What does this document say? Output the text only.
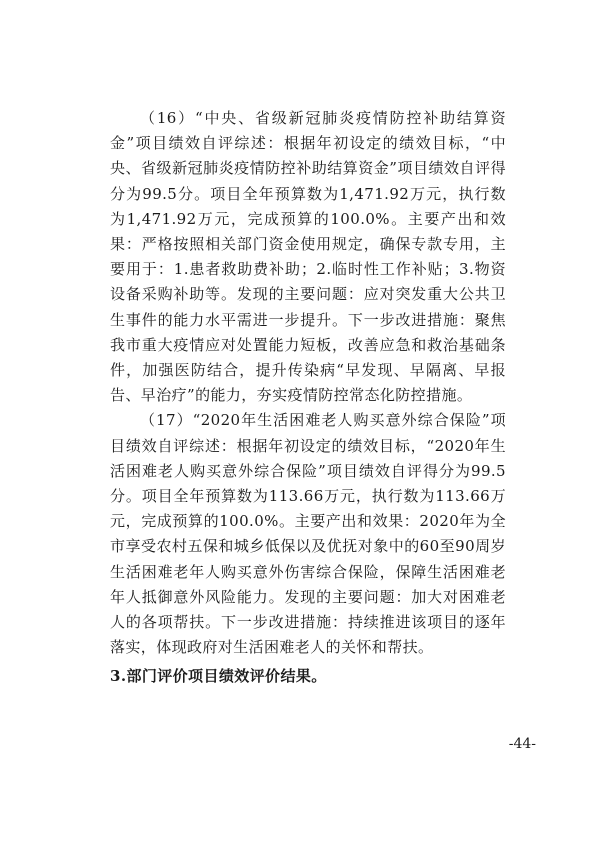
（16）“中央、省级新冠肺炎疫情防控补助结算资金”项目绩效自评综述：根据年初设定的绩效目标，“中央、省级新冠肺炎疫情防控补助结算资金”项目绩效自评得分为99.5分。项目全年预算数为1,471.92万元，执行数为1,471.92万元，完成预算的100.0%。主要产出和效果：严格按照相关部门资金使用规定，确保专款专用，主要用于：1.患者救助费补助；2.临时性工作补贴；3.物资设备采购补助等。发现的主要问题：应对突发重大公共卫生事件的能力水平需进一步提升。下一步改进措施：聚焦我市重大疫情应对处置能力短板，改善应急和救治基础条件，加强医防结合，提升传染病“早发现、早隔离、早报告、早治疗”的能力，夯实疫情防控常态化防控措施。

（17）“2020年生活困难老人购买意外综合保险”项目绩效自评综述：根据年初设定的绩效目标，“2020年生活困难老人购买意外综合保险”项目绩效自评得分为99.5分。项目全年预算数为113.66万元，执行数为113.66万元，完成预算的100.0%。主要产出和效果：2020年为全市享受农村五保和城乡低保以及优抚对象中的60至90周岁生活困难老年人购买意外伤害综合保险，保障生活困难老年人抵御意外风险能力。发现的主要问题：加大对困难老人的各项帮扶。下一步改进措施：持续推进该项目的逐年落实，体现政府对生活困难老人的关怀和帮扶。

3.部门评价项目绩效评价结果。

-44-
